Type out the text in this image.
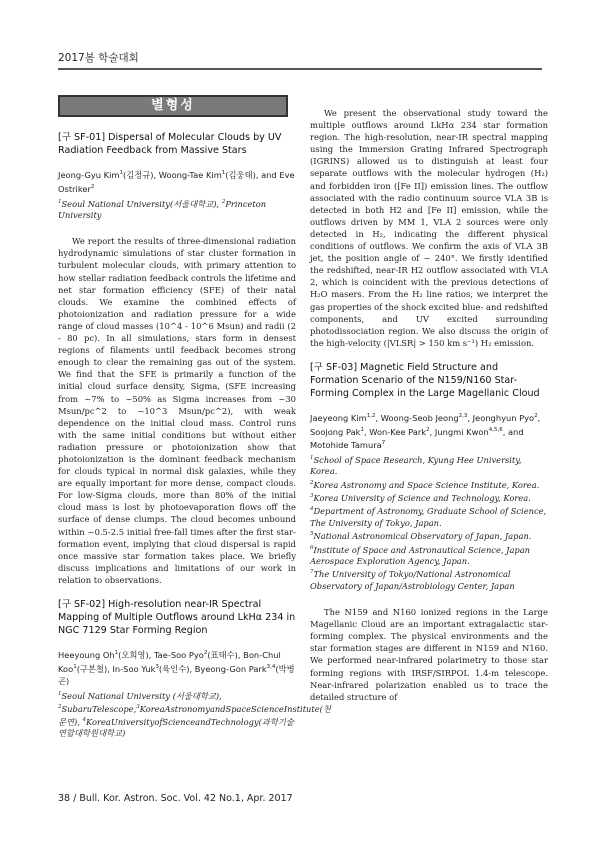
2017봄 학술대회
별형성
[구 SF-01] Dispersal of Molecular Clouds by UV Radiation Feedback from Massive Stars
Jeong-Gyu Kim$^1$(김정규), Woong-Tae Kim$^1$(김웅태), and Eve Ostriker$^2$
$^1$Seoul National University(서울대학교), $^2$Princeton University

We report the results of three-dimensional radiation hydrodynamic simulations of star cluster formation in turbulent molecular clouds, with primary attention to how stellar radiation feedback controls the lifetime and net star formation efficiency (SFE) of their natal clouds. We examine the combined effects of photoionization and radiation pressure for a wide range of cloud masses (10^4 - 10^6 Msun) and radii (2 - 80 pc). In all simulations, stars form in densest regions of filaments until feedback becomes strong enough to clear the remaining gas out of the system. We find that the SFE is primarily a function of the initial cloud surface density, Sigma, (SFE increasing from ~7% to ~50% as Sigma increases from ~30 Msun/pc^2 to ~10^3 Msun/pc^2), with weak dependence on the initial cloud mass. Control runs with the same initial conditions but without either radiation pressure or photoionization show that photoionization is the dominant feedback mechanism for clouds typical in normal disk galaxies, while they are equally important for more dense, compact clouds. For low-Sigma clouds, more than 80% of the initial cloud mass is lost by photoevaporation flows off the surface of dense clumps. The cloud becomes unbound within ~0.5-2.5 initial free-fall times after the first star-formation event, implying that cloud dispersal is rapid once massive star formation takes place. We briefly discuss implications and limitations of our work in relation to observations.

[구 SF-02] High-resolution near-IR Spectral Mapping of Multiple Outflows around LkHα 234 in NGC 7129 Star Forming Region
Heeyoung Oh$^1$(오희영), Tae-Soo Pyo$^2$(표태수), Bon-Chul Koo$^1$(구본철), In-Soo Yuk$^3$(육인수), Byeong-Gon Park$^{3,4}$(박병곤)
$^1$Seoul National University (서울대학교), $^2$SubaruTelescope,$^3$KoreaAstronomyandSpaceScienceInstitute(천문연), $^4$KoreaUniversityofScienceandTechnology(과학기술연합대학원대학교)

We present the observational study toward the multiple outflows around LkHα 234 star formation region. The high-resolution, near-IR spectral mapping using the Immersion Grating Infrared Spectrograph (IGRINS) allowed us to distinguish at least four separate outflows with the molecular hydrogen (H₂) and forbidden iron ([Fe II]) emission lines. The outflow associated with the radio continuum source VLA 3B is detected in both H2 and [Fe II] emission, while the outflows driven by MM 1, VLA 2 sources were only detected in H₂, indicating the different physical conditions of outflows. We confirm the axis of VLA 3B jet, the position angle of ~ 240°. We firstly identified the redshifted, near-IR H2 outflow associated with VLA 2, which is coincident with the previous detections of H₂O masers. From the H₂ line ratios, we interpret the gas properties of the shock excited blue- and redshifted components, and UV excited surrounding photodissociation region. We also discuss the origin of the high-velocity (|VLSR| > 150 km s⁻¹) H₂ emission.

[구 SF-03] Magnetic Field Structure and Formation Scenario of the N159/N160 Star-Forming Complex in the Large Magellanic Cloud
Jaeyeong Kim$^{1,2}$, Woong-Seob Jeong$^{2,3}$, Jeonghyun Pyo$^2$, Soojong Pak$^1$, Won-Kee Park$^2$, Jungmi Kwon$^{4,5,6}$, and Motohide Tamura$^7$
$^1$School of Space Research, Kyung Hee University, Korea.
$^2$Korea Astronomy and Space Science Institute, Korea.
$^3$Korea University of Science and Technology, Korea.
$^4$Department of Astronomy, Graduate School of Science, The University of Tokyo, Japan.
$^5$National Astronomical Observatory of Japan, Japan.
$^6$Institute of Space and Astronautical Science, Japan Aerospace Exploration Agency, Japan.
$^7$The University of Tokyo/National Astronomical Observatory of Japan/Astrobiology Center, Japan

The N159 and N160 ionized regions in the Large Magellanic Cloud are an important extragalactic star-forming complex. The physical environments and the star formation stages are different in N159 and N160. We performed near-infrared polarimetry to those star forming regions with IRSF/SIRPOL 1.4-m telescope. Near-infrared polarization enabled us to trace the detailed structure of

38 / Bull. Kor. Astron. Soc. Vol. 42 No.1, Apr. 2017
